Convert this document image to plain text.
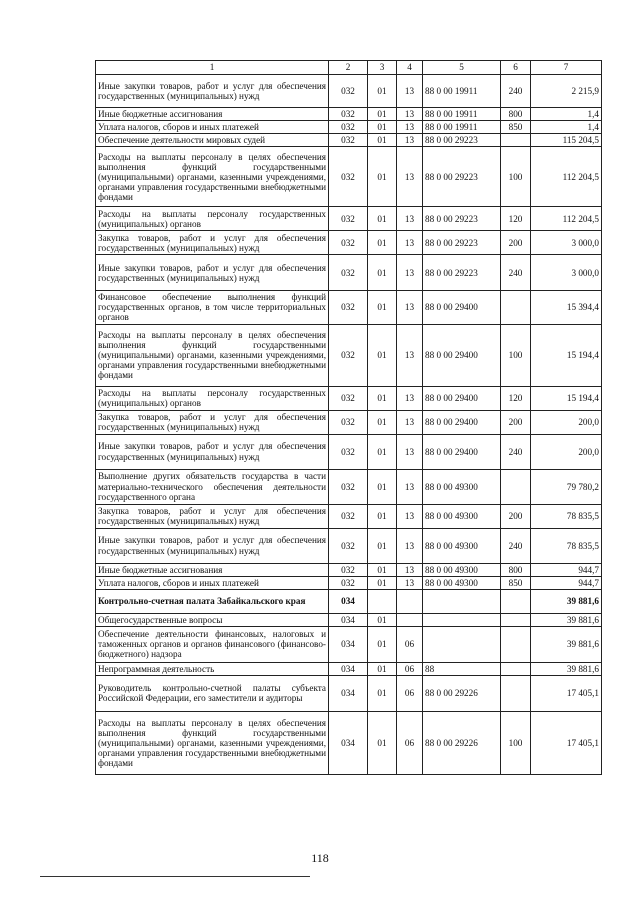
1	2	3	4	5	6	7
Иные закупки товаров, работ и услуг для обеспечения государственных (муниципальных) нужд	032	01	13	88 0 00 19911	240	2 215,9
Иные бюджетные ассигнования	032	01	13	88 0 00 19911	800	1,4
Уплата налогов, сборов и иных платежей	032	01	13	88 0 00 19911	850	1,4
Обеспечение деятельности мировых судей	032	01	13	88 0 00 29223		115 204,5
Расходы на выплаты персоналу в целях обеспечения выполнения функций государственными (муниципальными) органами, казенными учреждениями, органами управления государственными внебюджетными фондами	032	01	13	88 0 00 29223	100	112 204,5
Расходы на выплаты персоналу государственных (муниципальных) органов	032	01	13	88 0 00 29223	120	112 204,5
Закупка товаров, работ и услуг для обеспечения государственных (муниципальных) нужд	032	01	13	88 0 00 29223	200	3 000,0
Иные закупки товаров, работ и услуг для обеспечения государственных (муниципальных) нужд	032	01	13	88 0 00 29223	240	3 000,0
Финансовое обеспечение выполнения функций государственных органов, в том числе территориальных органов	032	01	13	88 0 00 29400		15 394,4
Расходы на выплаты персоналу в целях обеспечения выполнения функций государственными (муниципальными) органами, казенными учреждениями, органами управления государственными внебюджетными фондами	032	01	13	88 0 00 29400	100	15 194,4
Расходы на выплаты персоналу государственных (муниципальных) органов	032	01	13	88 0 00 29400	120	15 194,4
Закупка товаров, работ и услуг для обеспечения государственных (муниципальных) нужд	032	01	13	88 0 00 29400	200	200,0
Иные закупки товаров, работ и услуг для обеспечения государственных (муниципальных) нужд	032	01	13	88 0 00 29400	240	200,0
Выполнение других обязательств государства в части материально-технического обеспечения деятельности государственного органа	032	01	13	88 0 00 49300		79 780,2
Закупка товаров, работ и услуг для обеспечения государственных (муниципальных) нужд	032	01	13	88 0 00 49300	200	78 835,5
Иные закупки товаров, работ и услуг для обеспечения государственных (муниципальных) нужд	032	01	13	88 0 00 49300	240	78 835,5
Иные бюджетные ассигнования	032	01	13	88 0 00 49300	800	944,7
Уплата налогов, сборов и иных платежей	032	01	13	88 0 00 49300	850	944,7
Контрольно-счетная палата Забайкальского края	034					39 881,6
Общегосударственные вопросы	034	01				39 881,6
Обеспечение деятельности финансовых, налоговых и таможенных органов и органов финансового (финансово-бюджетного) надзора	034	01	06			39 881,6
Непрограммная деятельность	034	01	06	88		39 881,6
Руководитель контрольно-счетной палаты субъекта Российской Федерации, его заместители и аудиторы	034	01	06	88 0 00 29226		17 405,1
Расходы на выплаты персоналу в целях обеспечения выполнения функций государственными (муниципальными) органами, казенными учреждениями, органами управления государственными внебюджетными фондами	034	01	06	88 0 00 29226	100	17 405,1
118
